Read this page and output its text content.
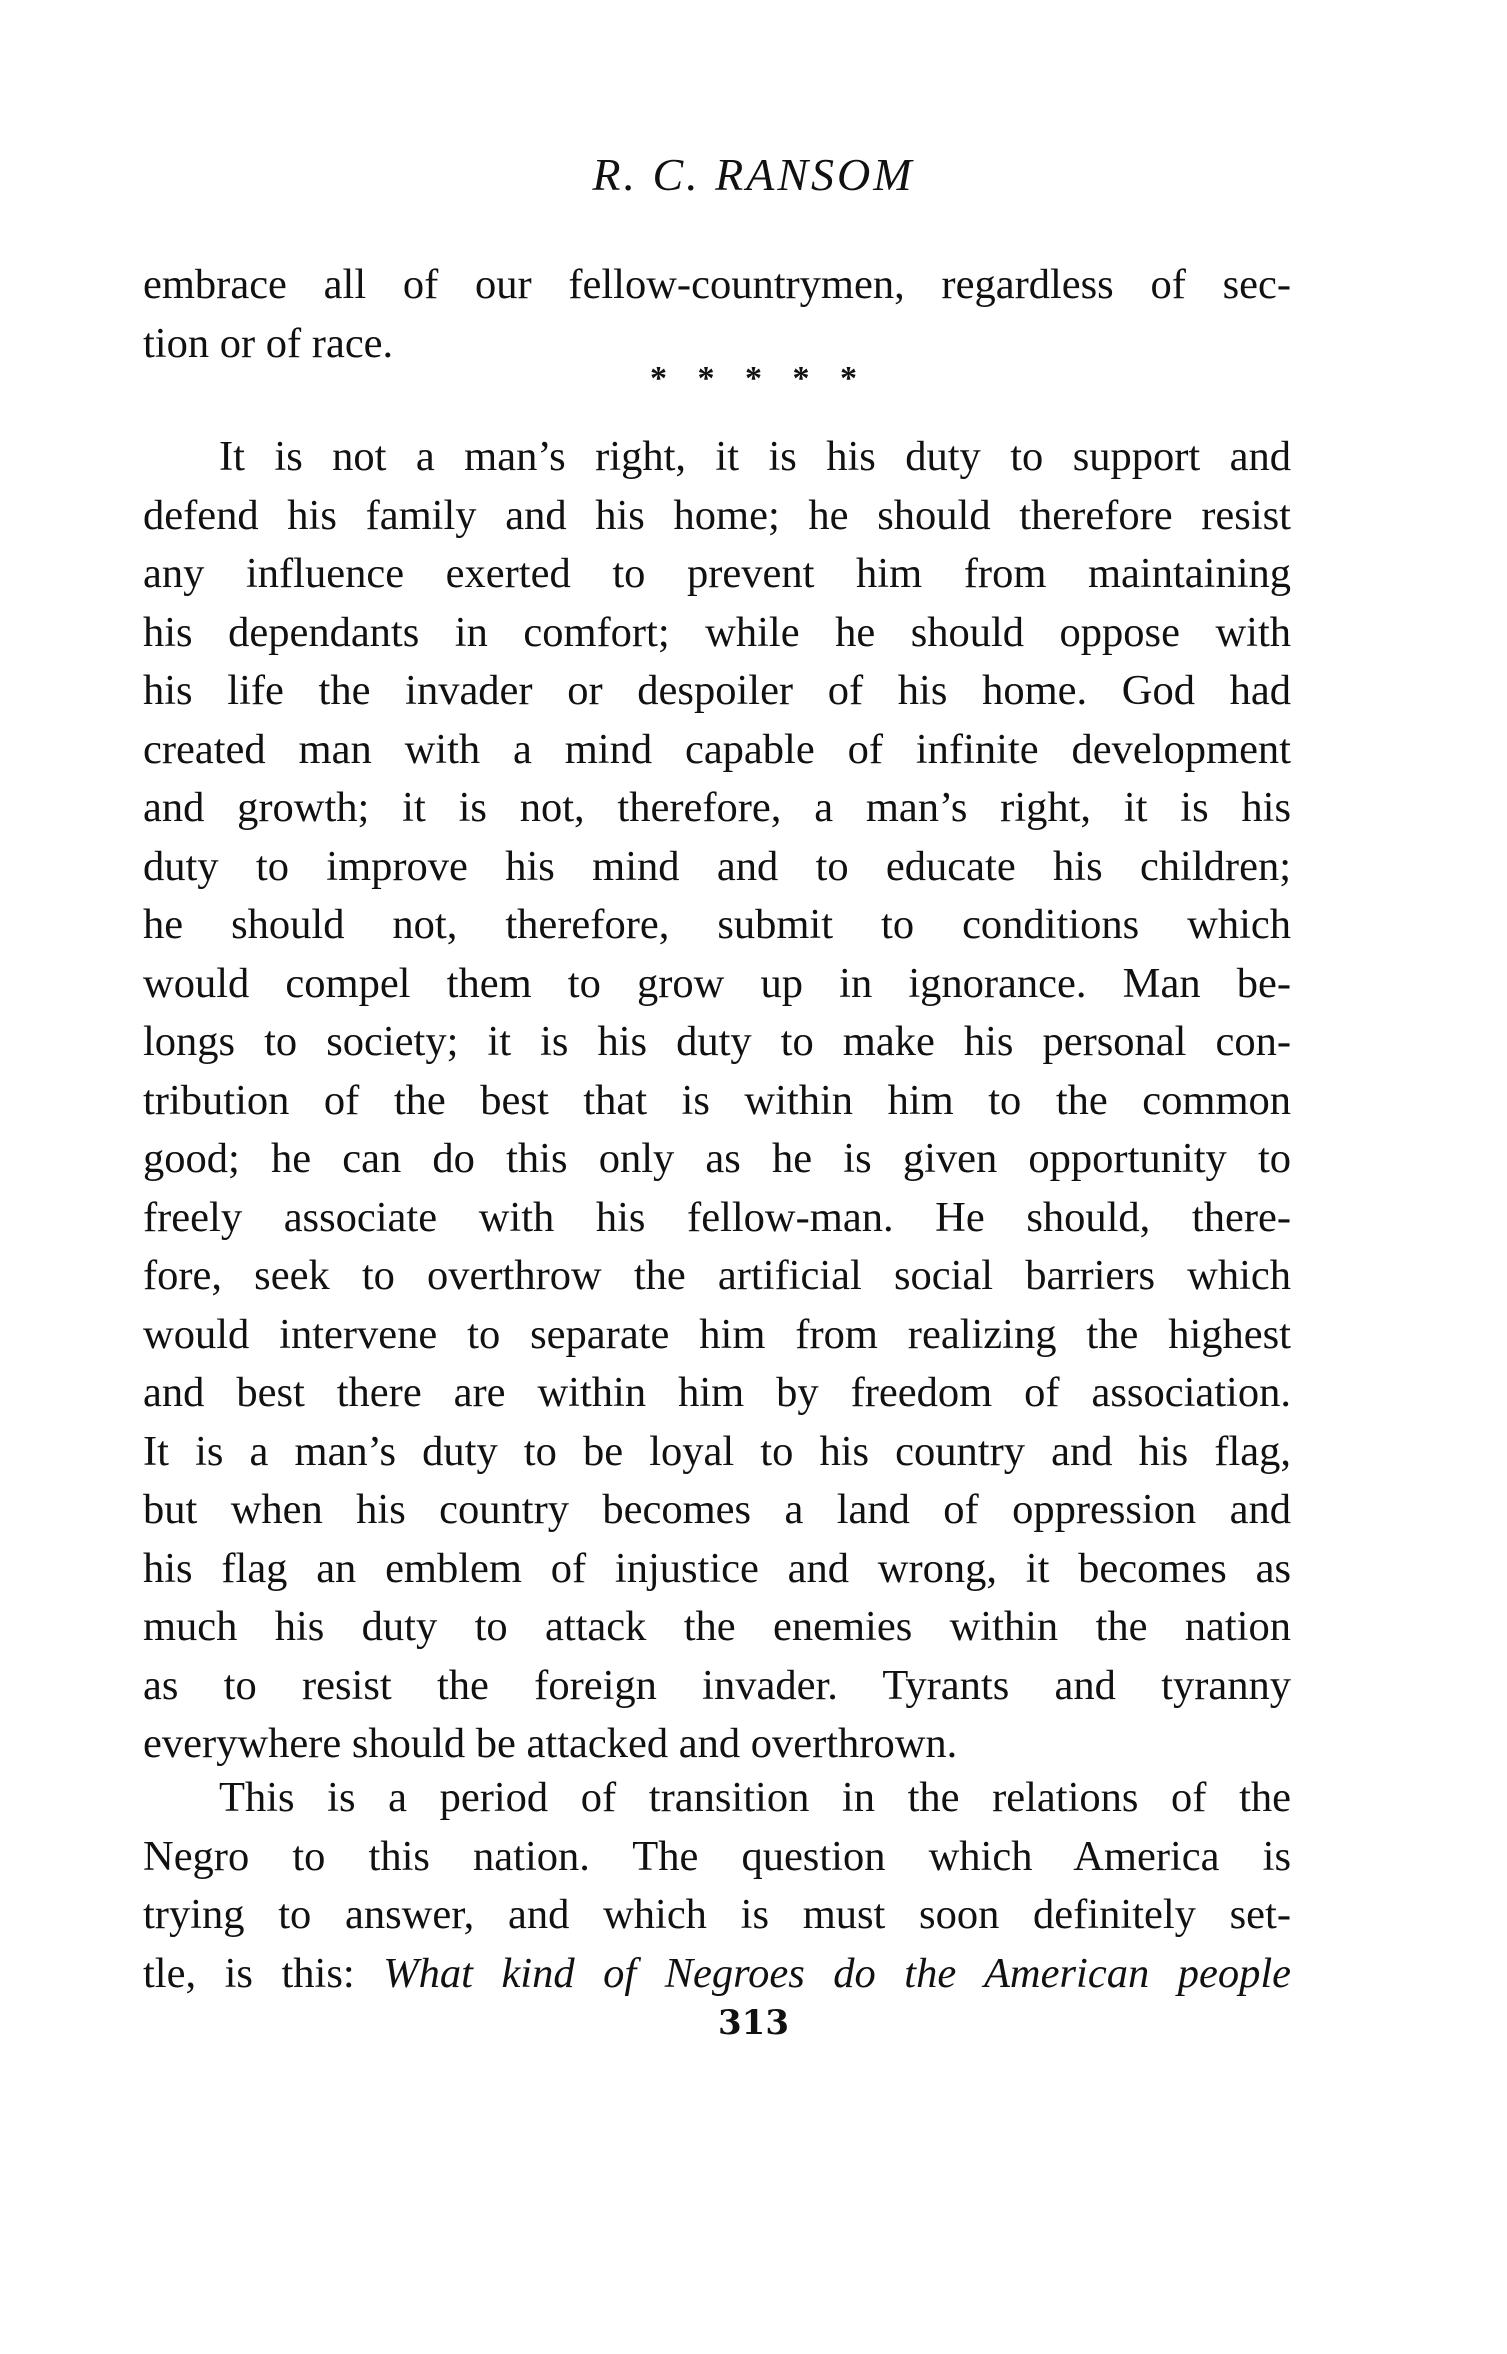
R. C. RANSOM
embrace all of our fellow-countrymen, regardless of sec-
tion or of race.
* * * * *
It is not a man’s right, it is his duty to support and
defend his family and his home; he should therefore resist
any influence exerted to prevent him from maintaining
his dependants in comfort; while he should oppose with
his life the invader or despoiler of his home. God had
created man with a mind capable of infinite development
and growth; it is not, therefore, a man’s right, it is his
duty to improve his mind and to educate his children;
he should not, therefore, submit to conditions which
would compel them to grow up in ignorance. Man be-
longs to society; it is his duty to make his personal con-
tribution of the best that is within him to the common
good; he can do this only as he is given opportunity to
freely associate with his fellow-man. He should, there-
fore, seek to overthrow the artificial social barriers which
would intervene to separate him from realizing the highest
and best there are within him by freedom of association.
It is a man’s duty to be loyal to his country and his flag,
but when his country becomes a land of oppression and
his flag an emblem of injustice and wrong, it becomes as
much his duty to attack the enemies within the nation
as to resist the foreign invader. Tyrants and tyranny
everywhere should be attacked and overthrown.
This is a period of transition in the relations of the
Negro to this nation. The question which America is
trying to answer, and which is must soon definitely set-
tle, is this: What kind of Negroes do the American people
313
